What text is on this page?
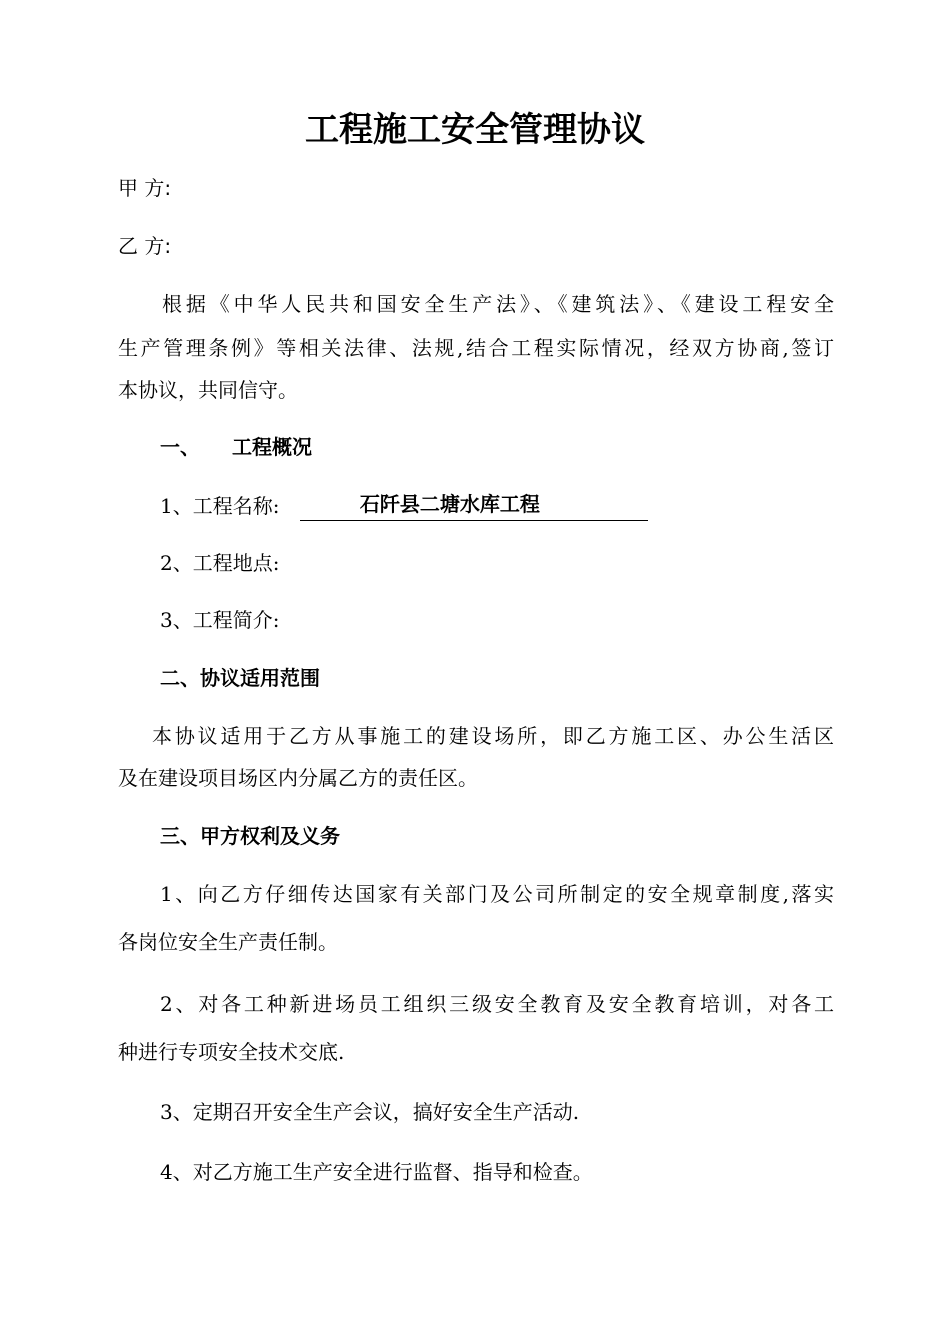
工程施工安全管理协议
甲 方:
乙 方:
根据《中华人民共和国安全生产法》、《建筑法》、《建设工程安全
生产管理条例》等相关法律、法规,结合工程实际情况，经双方协商,签订
本协议，共同信守。
一、 工程概况
1、工程名称:	石阡县二塘水库工程
2、工程地点:
3、工程简介:
二、协议适用范围
本协议适用于乙方从事施工的建设场所，即乙方施工区、办公生活区
及在建设项目场区内分属乙方的责任区。
三、甲方权利及义务
1、向乙方仔细传达国家有关部门及公司所制定的安全规章制度,落实
各岗位安全生产责任制。
2、对各工种新进场员工组织三级安全教育及安全教育培训，对各工
种进行专项安全技术交底.
3、定期召开安全生产会议，搞好安全生产活动.
4、对乙方施工生产安全进行监督、指导和检查。
